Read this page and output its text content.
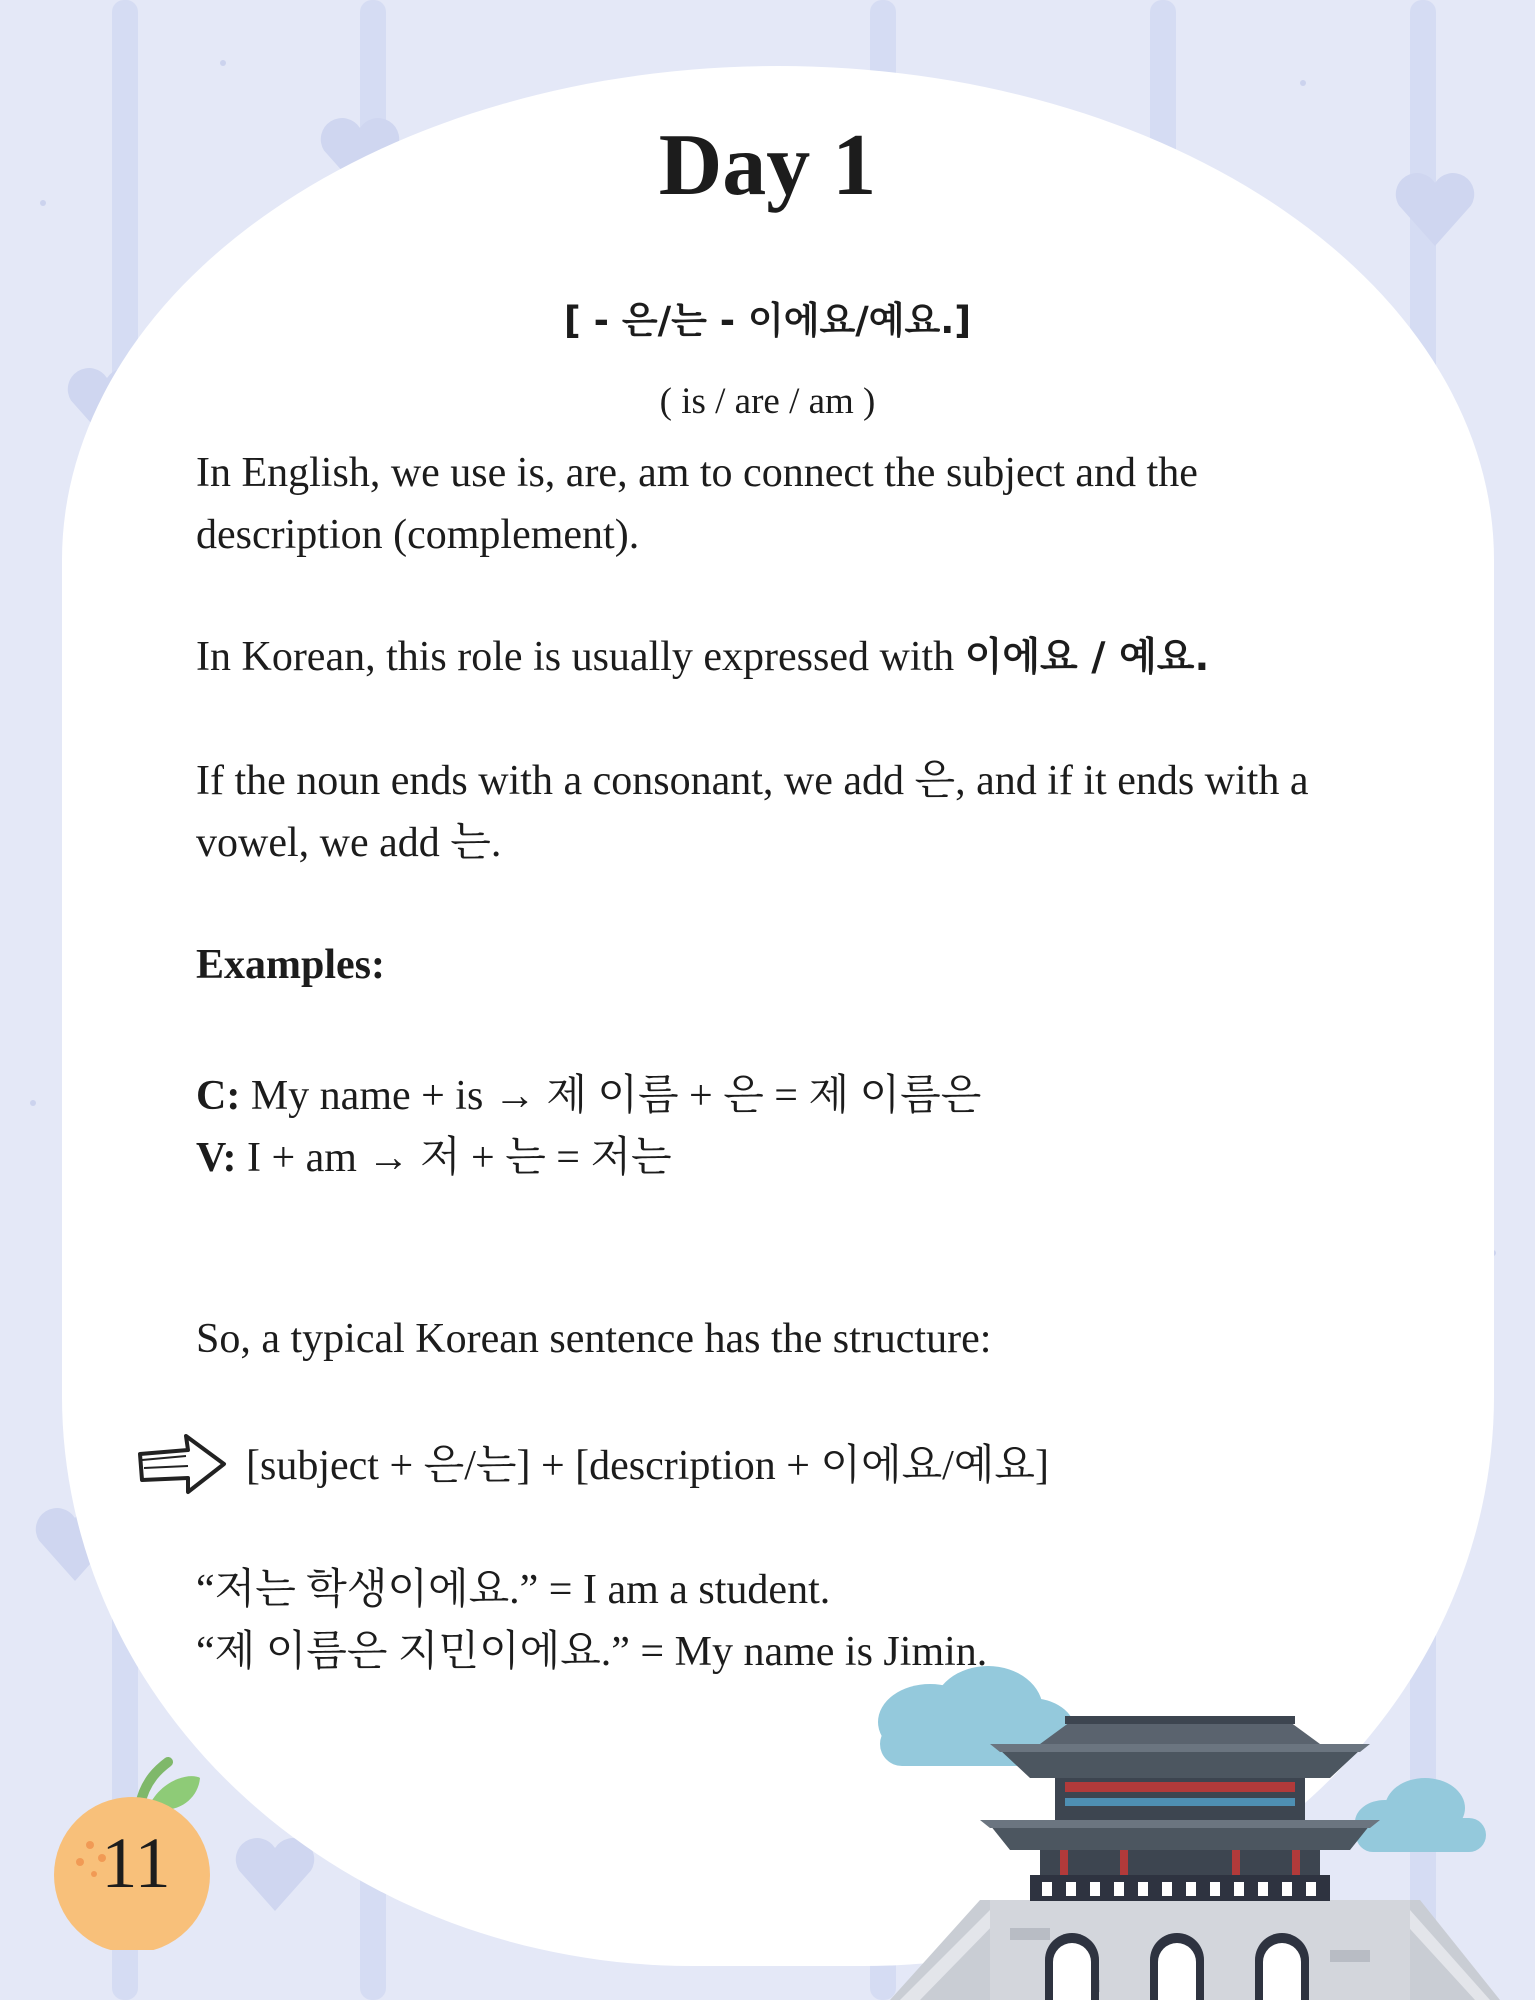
Day 1
[ - 은/는 - 이에요/예요.]
( is / are / am )

In English, we use is, are, am to connect the subject and the description (complement).

In Korean, this role is usually expressed with 이에요 / 예요.

If the noun ends with a consonant, we add 은, and if it ends with a vowel, we add 는.

Examples:

C: My name + is → 제 이름 + 은 = 제 이름은
V: I + am → 저 + 는 = 저는

So, a typical Korean sentence has the structure:

[subject + 은/는] + [description + 이에요/예요]
“저는 학생이에요.” = I am a student.
“제 이름은 지민이에요.” = My name is Jimin.
11
